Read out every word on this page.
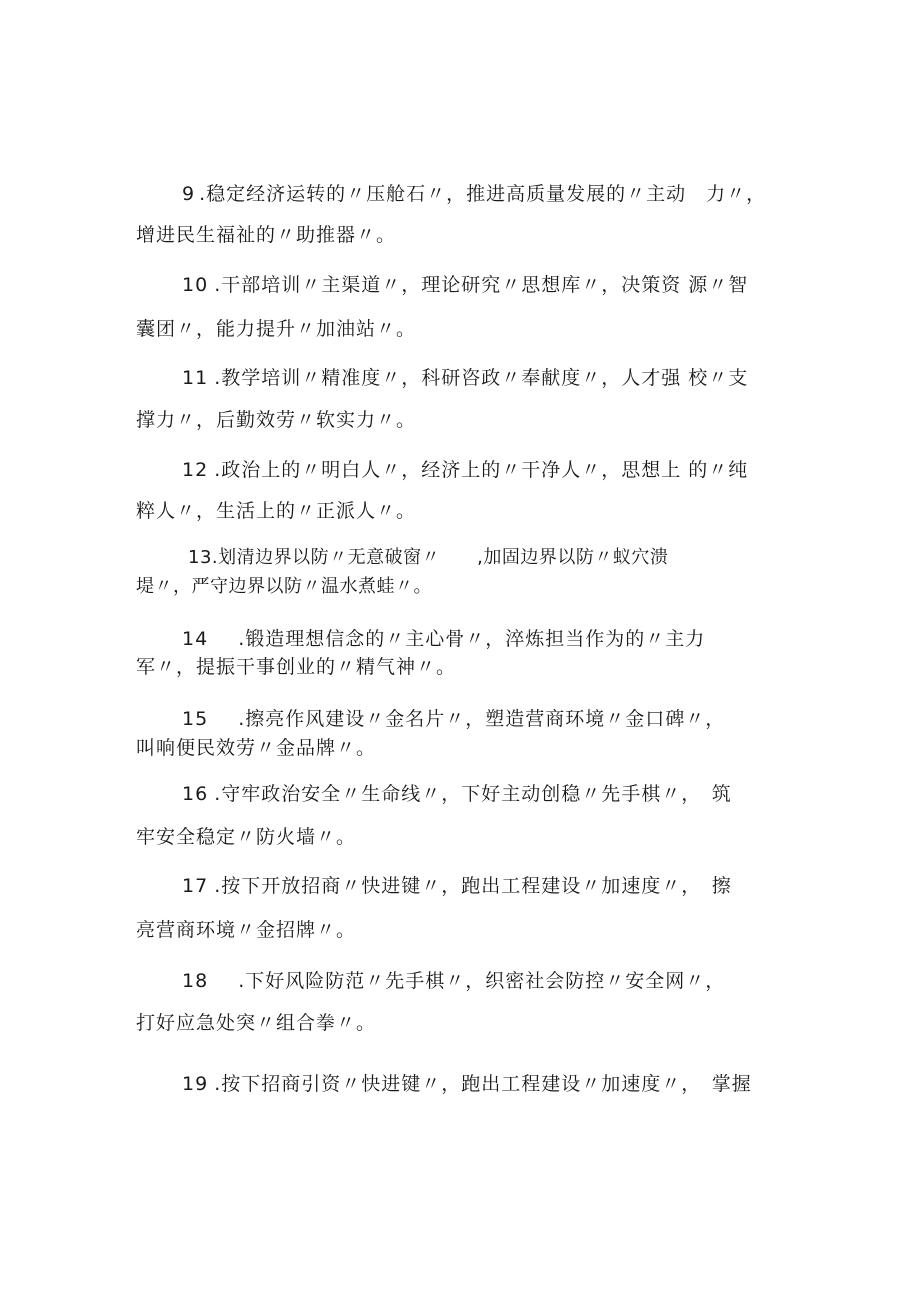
9 .稳定经济运转的〃压舱石〃，推进高质量发展的〃主动　力〃，
增进民生福祉的〃助推器〃。
10 .干部培训〃主渠道〃，理论研究〃思想库〃，决策资 源〃智
囊团〃，能力提升〃加油站〃。
11 .教学培训〃精准度〃，科研咨政〃奉献度〃，人才强 校〃支
撑力〃，后勤效劳〃软实力〃。
12 .政治上的〃明白人〃，经济上的〃干净人〃，思想上 的〃纯
粹人〃，生活上的〃正派人〃。
13.划清边界以防〃无意破窗〃　　,加固边界以防〃蚁穴溃
堤〃，严守边界以防〃温水煮蛙〃。
14 .锻造理想信念的〃主心骨〃，淬炼担当作为的〃主力
军〃，提振干事创业的〃精气神〃。
15 .擦亮作风建设〃金名片〃，塑造营商环境〃金口碑〃，
叫响便民效劳〃金品牌〃。
16 .守牢政治安全〃生命线〃，下好主动创稳〃先手棋〃，　筑
牢安全稳定〃防火墙〃。
17 .按下开放招商〃快进键〃，跑出工程建设〃加速度〃，　擦
亮营商环境〃金招牌〃。
18 .下好风险防范〃先手棋〃，织密社会防控〃安全网〃，
打好应急处突〃组合拳〃。
19 .按下招商引资〃快进键〃，跑出工程建设〃加速度〃，　掌握
